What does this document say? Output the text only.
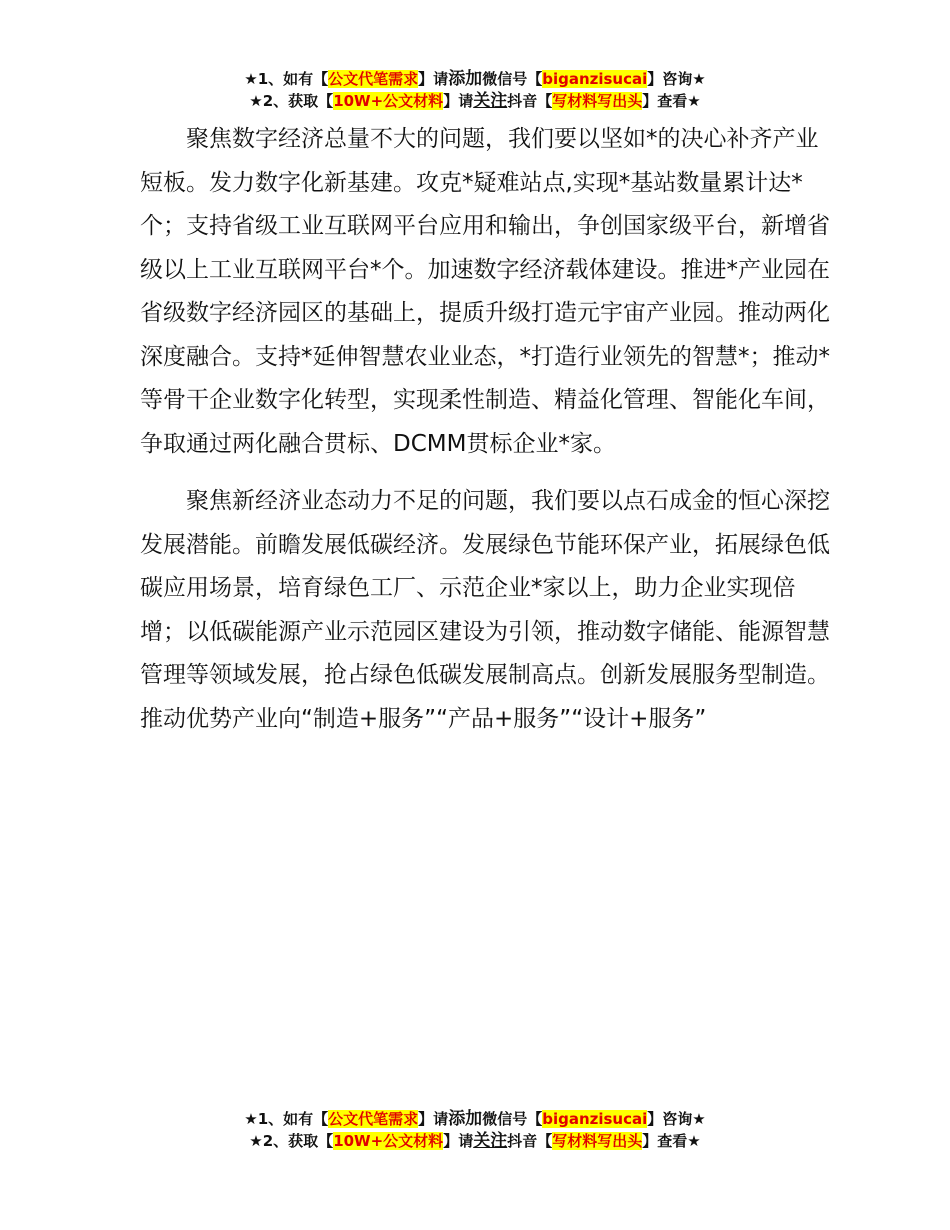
★1、如有【公文代笔需求】请添加微信号【biganzisucai】咨询★
★2、获取【10W+公文材料】请关注抖音【写材料写出头】查看★

聚焦数字经济总量不大的问题，我们要以坚如*的决心补齐产业短板。发力数字化新基建。攻克*疑难站点,实现*基站数量累计达*个；支持省级工业互联网平台应用和输出，争创国家级平台，新增省级以上工业互联网平台*个。加速数字经济载体建设。推进*产业园在省级数字经济园区的基础上，提质升级打造元宇宙产业园。推动两化深度融合。支持*延伸智慧农业业态，*打造行业领先的智慧*；推动*等骨干企业数字化转型，实现柔性制造、精益化管理、智能化车间，争取通过两化融合贯标、DCMM贯标企业*家。

聚焦新经济业态动力不足的问题，我们要以点石成金的恒心深挖发展潜能。前瞻发展低碳经济。发展绿色节能环保产业，拓展绿色低碳应用场景，培育绿色工厂、示范企业*家以上，助力企业实现倍增；以低碳能源产业示范园区建设为引领，推动数字储能、能源智慧管理等领域发展，抢占绿色低碳发展制高点。创新发展服务型制造。推动优势产业向“制造+服务”“产品+服务”“设计+服务”

★1、如有【公文代笔需求】请添加微信号【biganzisucai】咨询★
★2、获取【10W+公文材料】请关注抖音【写材料写出头】查看★
